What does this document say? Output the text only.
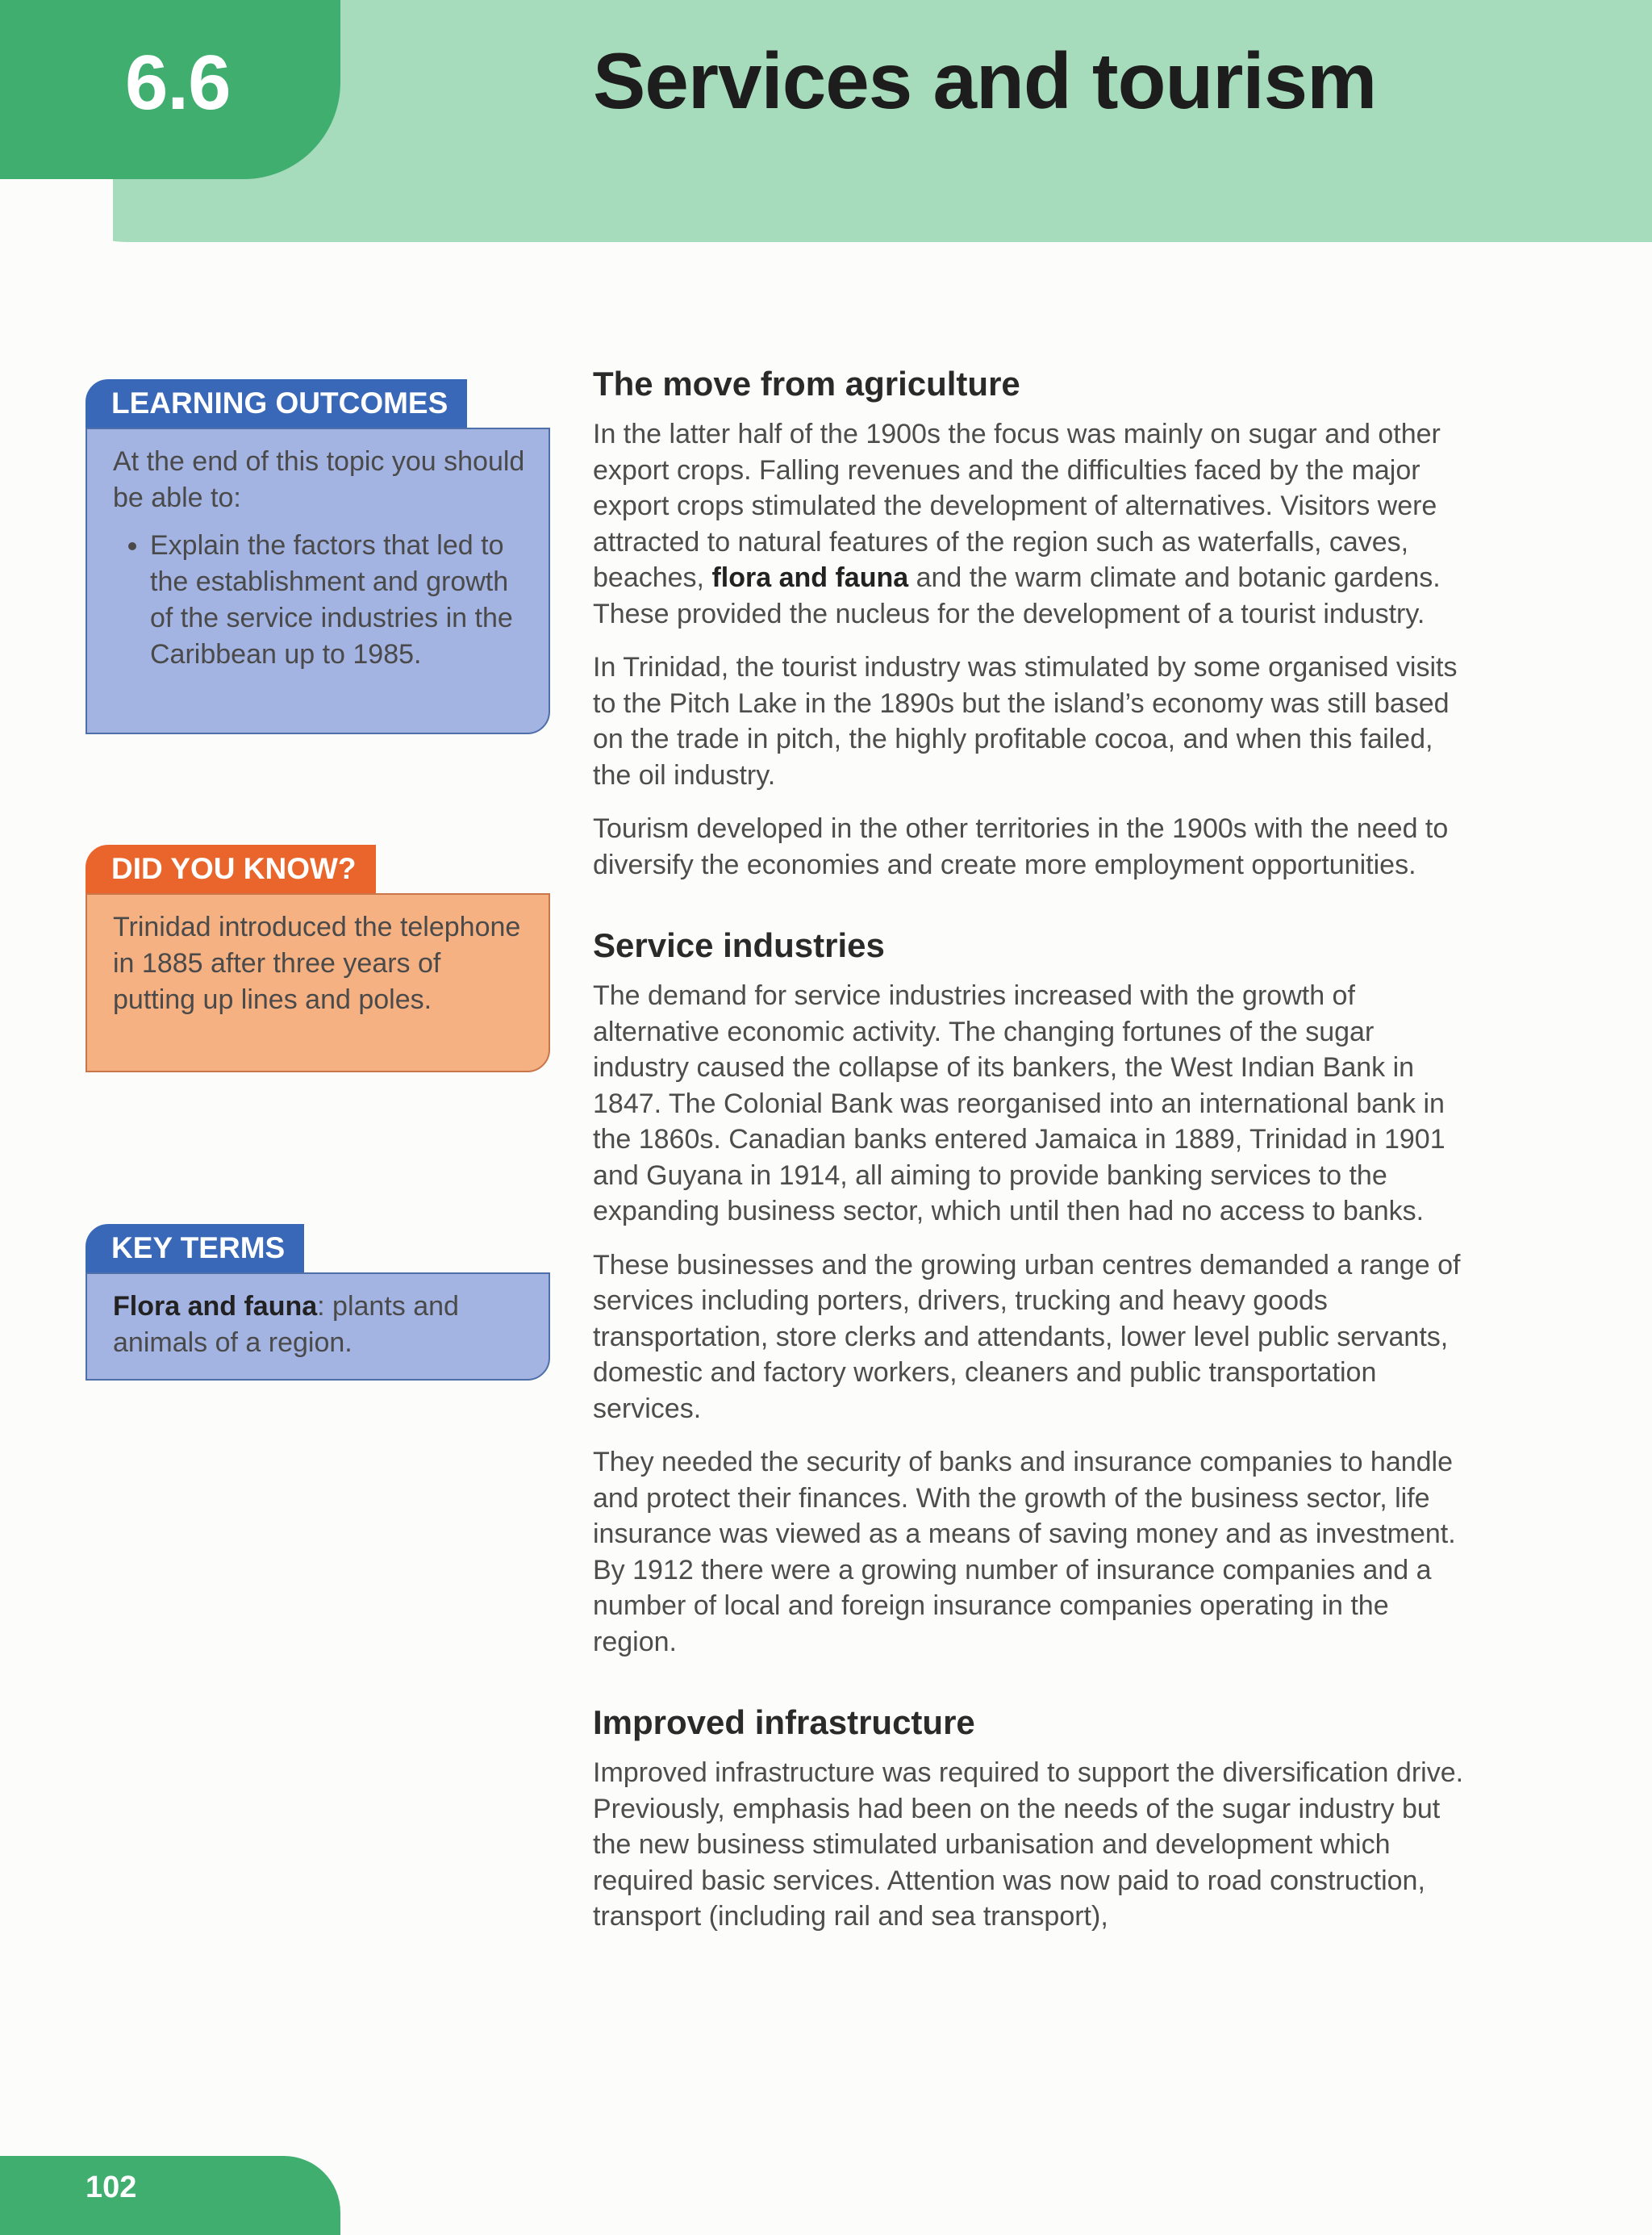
6.6	Services and tourism
LEARNING OUTCOMES
At the end of this topic you should be able to:
• Explain the factors that led to the establishment and growth of the service industries in the Caribbean up to 1985.
DID YOU KNOW?
Trinidad introduced the telephone in 1885 after three years of putting up lines and poles.
KEY TERMS
Flora and fauna: plants and animals of a region.
The move from agriculture

In the latter half of the 1900s the focus was mainly on sugar and other export crops. Falling revenues and the difficulties faced by the major export crops stimulated the development of alternatives. Visitors were attracted to natural features of the region such as waterfalls, caves, beaches, flora and fauna and the warm climate and botanic gardens. These provided the nucleus for the development of a tourist industry.

In Trinidad, the tourist industry was stimulated by some organised visits to the Pitch Lake in the 1890s but the island’s economy was still based on the trade in pitch, the highly profitable cocoa, and when this failed, the oil industry.

Tourism developed in the other territories in the 1900s with the need to diversify the economies and create more employment opportunities.

Service industries

The demand for service industries increased with the growth of alternative economic activity. The changing fortunes of the sugar industry caused the collapse of its bankers, the West Indian Bank in 1847. The Colonial Bank was reorganised into an international bank in the 1860s. Canadian banks entered Jamaica in 1889, Trinidad in 1901 and Guyana in 1914, all aiming to provide banking services to the expanding business sector, which until then had no access to banks.

These businesses and the growing urban centres demanded a range of services including porters, drivers, trucking and heavy goods transportation, store clerks and attendants, lower level public servants, domestic and factory workers, cleaners and public transportation services.

They needed the security of banks and insurance companies to handle and protect their finances. With the growth of the business sector, life insurance was viewed as a means of saving money and as investment. By 1912 there were a growing number of insurance companies and a number of local and foreign insurance companies operating in the region.

Improved infrastructure

Improved infrastructure was required to support the diversification drive. Previously, emphasis had been on the needs of the sugar industry but the new business stimulated urbanisation and development which required basic services. Attention was now paid to road construction, transport (including rail and sea transport),

102
